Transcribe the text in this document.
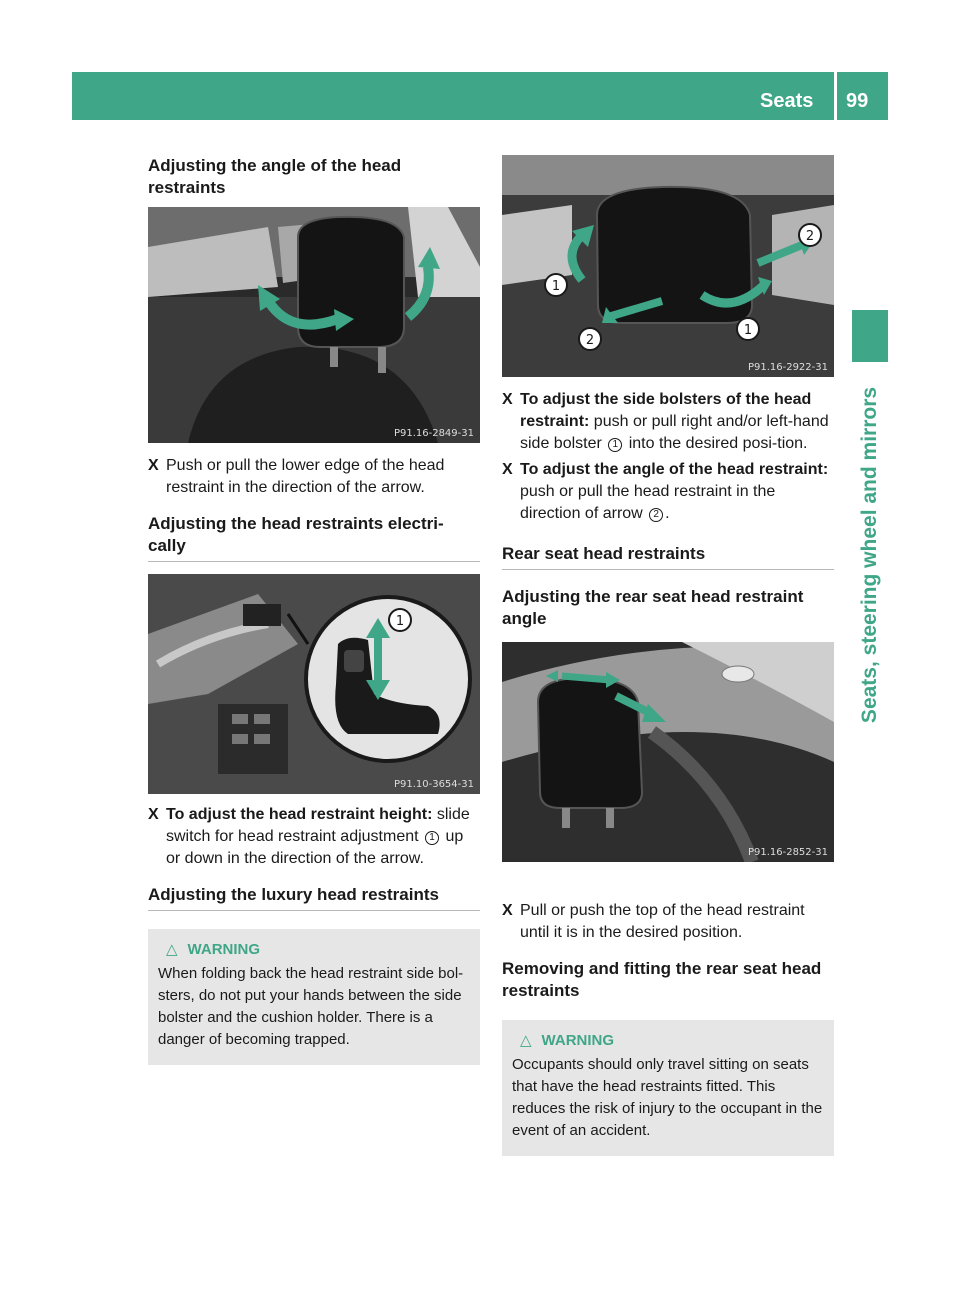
Seats 99
Seats, steering wheel and mirrors
Adjusting the angle of the head restraints
P91.16-2849-31
X Push or pull the lower edge of the head restraint in the direction of the arrow.
Adjusting the head restraints electri-cally
1
P91.10-3654-31
X To adjust the head restraint height: slide switch for head restraint adjustment 1 up or down in the direction of the arrow.
Adjusting the luxury head restraints
△ WARNING
When folding back the head restraint side bol-sters, do not put your hands between the side bolster and the cushion holder. There is a danger of becoming trapped.
1
2
2
1
P91.16-2922-31
X To adjust the side bolsters of the head restraint: push or pull right and/or left-hand side bolster 1 into the desired posi-tion.
X To adjust the angle of the head restraint: push or pull the head restraint in the direction of arrow 2 .
Rear seat head restraints
Adjusting the rear seat head restraint angle
P91.16-2852-31
X Pull or push the top of the head restraint until it is in the desired position.
Removing and fitting the rear seat head restraints
△ WARNING
Occupants should only travel sitting on seats that have the head restraints fitted. This reduces the risk of injury to the occupant in the event of an accident.
